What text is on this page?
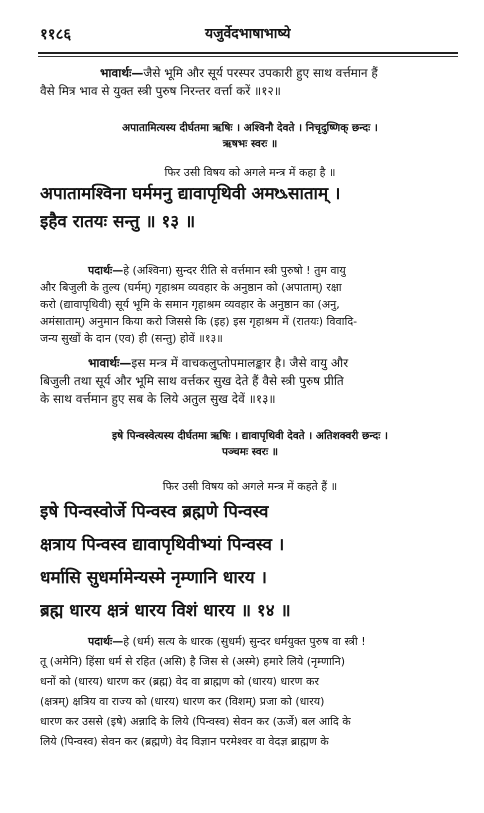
११८६	यजुर्वेदभाषाभाष्ये
भावार्थः—जैसे भूमि और सूर्य परस्पर उपकारी हुए साथ वर्त्तमान हैं
वैसे मित्र भाव से युक्त स्त्री पुरुष निरन्तर वर्त्ता करें ॥१२॥
अपातामित्यस्य दीर्घतमा ऋषिः । अश्विनौ देवते । निचृदुष्णिक् छन्दः ।
ऋषभः स्वरः ॥
फिर उसी विषय को अगले मन्त्र में कहा है ॥
अपातामश्विना घर्ममनु द्यावापृथिवी अमᳬसाताम् ।
इहैव रातयः सन्तु ॥ १३ ॥
पदार्थः—हे (अश्विना) सुन्दर रीति से वर्त्तमान स्त्री पुरुषो ! तुम वायु
और बिजुली के तुल्य (घर्मम्) गृहाश्रम व्यवहार के अनुष्ठान को (अपाताम्) रक्षा
करो (द्यावापृथिवी) सूर्य भूमि के समान गृहाश्रम व्यवहार के अनुष्ठान का (अनु,
अमंसाताम्) अनुमान किया करो जिससे कि (इह) इस गृहाश्रम में (रातयः) विवादि-
जन्य सुखों के दान (एव) ही (सन्तु) होवें ॥१३॥
भावार्थः—इस मन्त्र में वाचकलुप्तोपमालङ्कार है। जैसे वायु और
बिजुली तथा सूर्य और भूमि साथ वर्त्तकर सुख देते हैं वैसे स्त्री पुरुष प्रीति
के साथ वर्त्तमान हुए सब के लिये अतुल सुख देवें ॥१३॥
इषे पिन्वस्वेत्यस्य दीर्घतमा ऋषिः । द्यावापृथिवी देवते । अतिशक्वरी छन्दः ।
पञ्चमः स्वरः ॥
फिर उसी विषय को अगले मन्त्र में कहते हैं ॥
इषे पिन्वस्वोर्जे पिन्वस्व ब्रह्मणे पिन्वस्व
क्षत्राय पिन्वस्व द्यावापृथिवीभ्यां पिन्वस्व ।
धर्मासि सुधर्मामेन्यस्मे नृम्णानि धारय ।
ब्रह्म धारय क्षत्रं धारय विशं धारय ॥ १४ ॥
पदार्थः—हे (धर्म) सत्य के धारक (सुधर्म) सुन्दर धर्मयुक्त पुरुष वा स्त्री !
तू (अमेनि) हिंसा धर्म से रहित (असि) है जिस से (अस्मे) हमारे लिये (नृम्णानि)
धनों को (धारय) धारण कर (ब्रह्म) वेद वा ब्राह्मण को (धारय) धारण कर
(क्षत्रम्) क्षत्रिय वा राज्य को (धारय) धारण कर (विशम्) प्रजा को (धारय)
धारण कर उससे (इषे) अन्नादि के लिये (पिन्वस्व) सेवन कर (ऊर्जे) बल आदि के
लिये (पिन्वस्व) सेवन कर (ब्रह्मणे) वेद विज्ञान परमेश्वर वा वेदज्ञ ब्राह्मण के
